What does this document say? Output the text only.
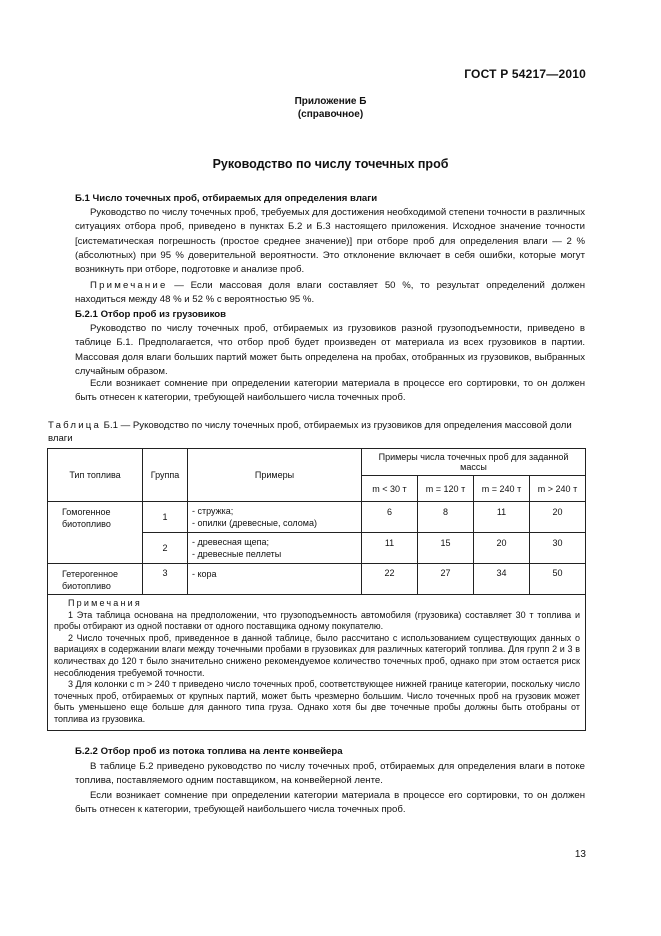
ГОСТ Р 54217—2010
Приложение Б
(справочное)
Руководство по числу точечных проб
Б.1 Число точечных проб, отбираемых для определения влаги
Руководство по числу точечных проб, требуемых для достижения необходимой степени точности в различных ситуациях отбора проб, приведено в пунктах Б.2 и Б.3 настоящего приложения. Исходное значение точности [систематическая погрешность (простое среднее значение)] при отборе проб для определения влаги — 2 % (абсолютных) при 95 % доверительной вероятности. Это отклонение включает в себя ошибки, которые могут возникнуть при отборе, подготовке и анализе проб.
Примечание — Если массовая доля влаги составляет 50 %, то результат определений должен находиться между 48 % и 52 % с вероятностью 95 %.
Б.2.1 Отбор проб из грузовиков
Руководство по числу точечных проб, отбираемых из грузовиков разной грузоподъемности, приведено в таблице Б.1. Предполагается, что отбор проб будет произведен от материала из всех грузовиков в партии. Массовая доля влаги больших партий может быть определена на пробах, отобранных из грузовиков, выбранных случайным образом.
Если возникает сомнение при определении категории материала в процессе его сортировки, то он должен быть отнесен к категории, требующей наибольшего числа точечных проб.
Таблица Б.1 — Руководство по числу точечных проб, отбираемых из грузовиков для определения массовой доли влаги
Тип топлива	Группа	Примеры	Примеры числа точечных проб для заданной массы			
			m < 30 т	m = 120 т	m = 240 т	m > 240 т
Гомогенное биотопливо	1	- стружка;
- опилки (древесные, солома)	6	8	11	20
	2	- древесная щепа;
- древесные пеллеты	11	15	20	30
Гетерогенное биотопливо	3	- кора	22	27	34	50

Примечания
1 Эта таблица основана на предположении, что грузоподъемность автомобиля (грузовика) составляет 30 т топлива и пробы отбирают из одной поставки от одного поставщика одному покупателю.
2 Число точечных проб, приведенное в данной таблице, было рассчитано с использованием существующих данных о вариациях в содержании влаги между точечными пробами в грузовиках для различных категорий топлива. Для групп 2 и 3 в количествах до 120 т было значительно снижено рекомендуемое количество точечных проб, однако при этом остается риск несоблюдения требуемой точности.
3 Для колонки с m > 240 т приведено число точечных проб, соответствующее нижней границе категории, поскольку число точечных проб, отбираемых от крупных партий, может быть чрезмерно большим. Число точечных проб на грузовик может быть уменьшено еще больше для данного типа груза. Однако хотя бы две точечные пробы должны быть отобраны от топлива из грузовика.						
Б.2.2 Отбор проб из потока топлива на ленте конвейера
В таблице Б.2 приведено руководство по числу точечных проб, отбираемых для определения влаги в потоке топлива, поставляемого одним поставщиком, на конвейерной ленте.
Если возникает сомнение при определении категории материала в процессе его сортировки, то он должен быть отнесен к категории, требующей наибольшего числа точечных проб.
13
